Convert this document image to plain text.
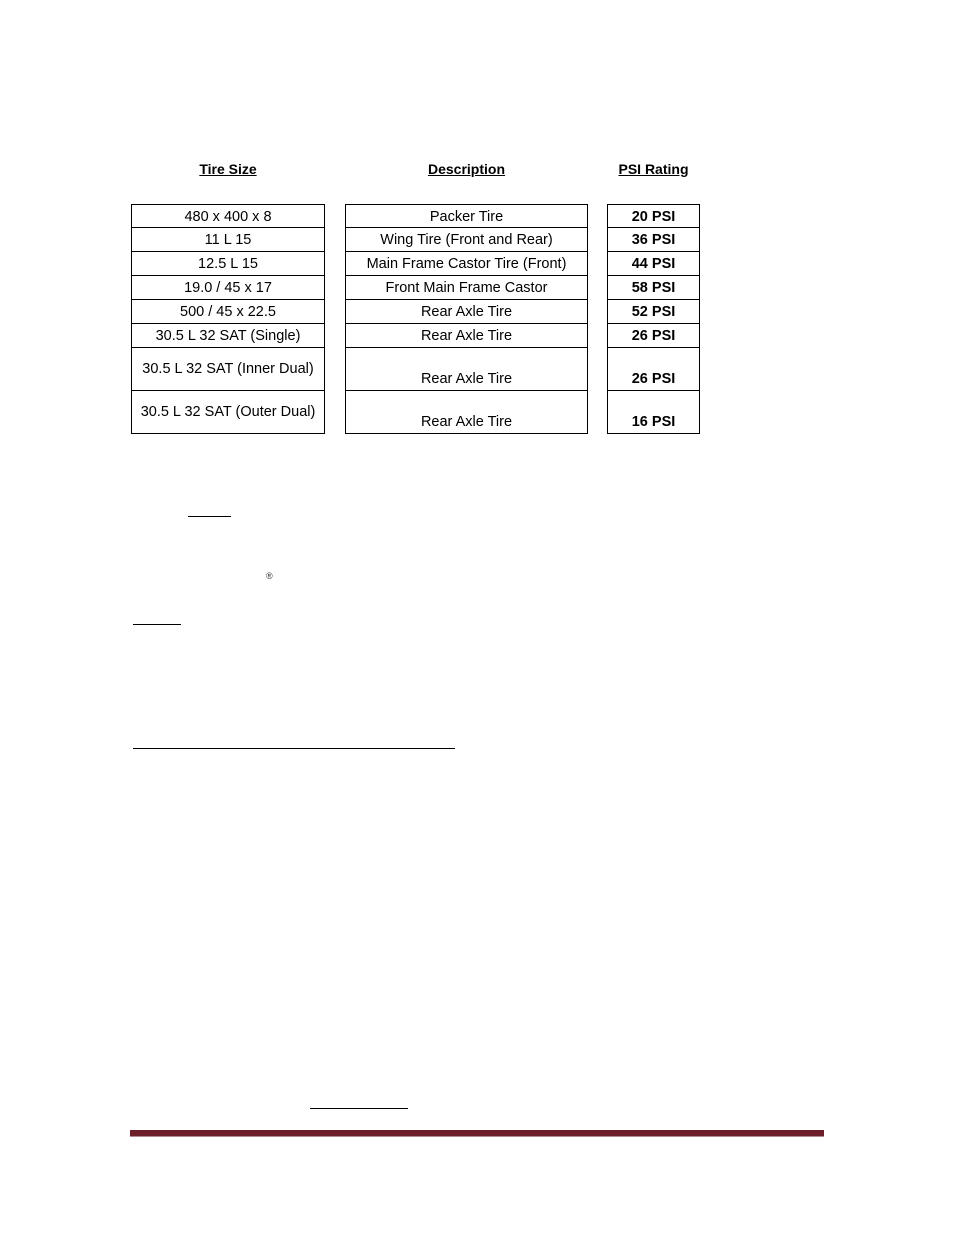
Tire Size	Description	PSI Rating
480 x 400 x 8
11 L 15
12.5 L 15
19.0 / 45 x 17
500 / 45 x 22.5
30.5 L 32 SAT (Single)
30.5 L 32 SAT (Inner Dual)
30.5 L 32 SAT (Outer Dual)
Packer Tire
Wing Tire (Front and Rear)
Main Frame Castor Tire (Front)
Front Main Frame Castor
Rear Axle Tire
Rear Axle Tire
Rear Axle Tire
Rear Axle Tire
20 PSI
36 PSI
44 PSI
58 PSI
52 PSI
26 PSI
26 PSI
16 PSI
®
